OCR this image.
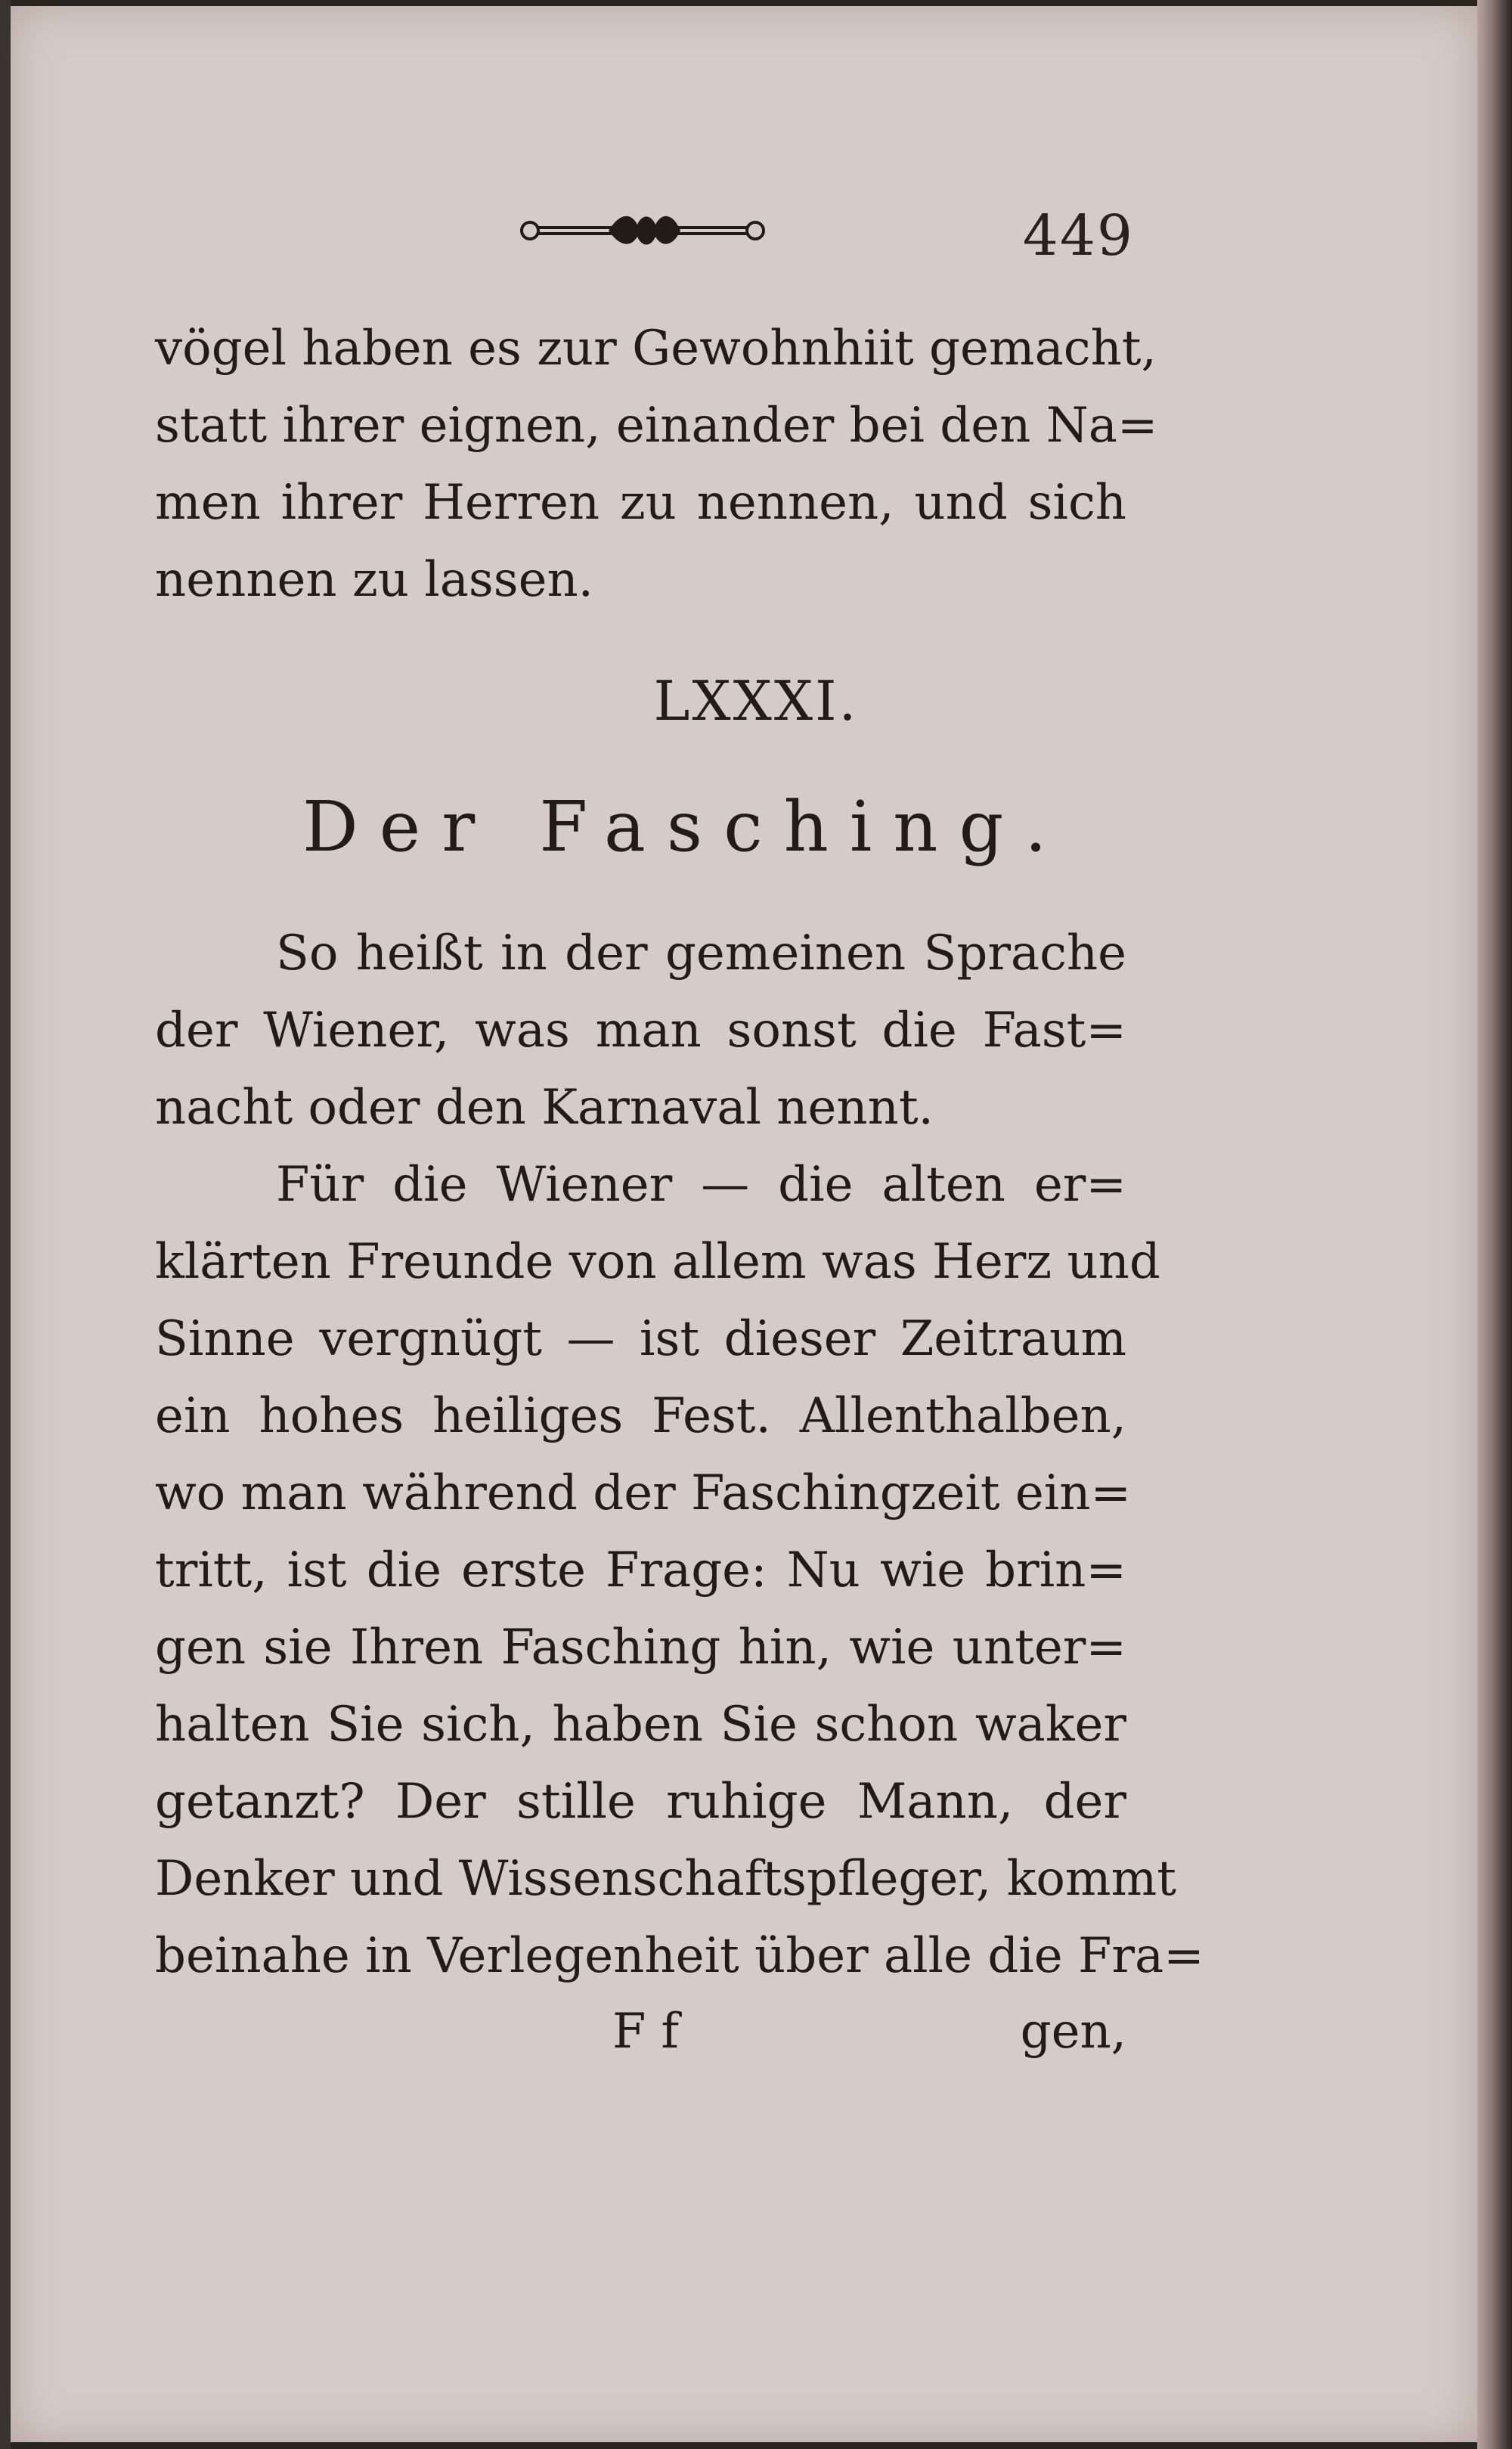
449
vögel haben es zur Gewohnhiit gemacht,
statt ihrer eignen, einander bei den Na=
men ihrer Herren zu nennen, und sich
nennen zu lassen.
LXXXI.
Der Fasching.
So heißt in der gemeinen Sprache
der Wiener, was man sonst die Fast=
nacht oder den Karnaval nennt.
Für die Wiener — die alten er=
klärten Freunde von allem was Herz und
Sinne vergnügt — ist dieser Zeitraum
ein hohes heiliges Fest. Allenthalben,
wo man während der Faschingzeit ein=
tritt, ist die erste Frage: Nu wie brin=
gen sie Ihren Fasching hin, wie unter=
halten Sie sich, haben Sie schon waker
getanzt? Der stille ruhige Mann, der
Denker und Wissenschaftspfleger, kommt
beinahe in Verlegenheit über alle die Fra=
Ff	gen,
